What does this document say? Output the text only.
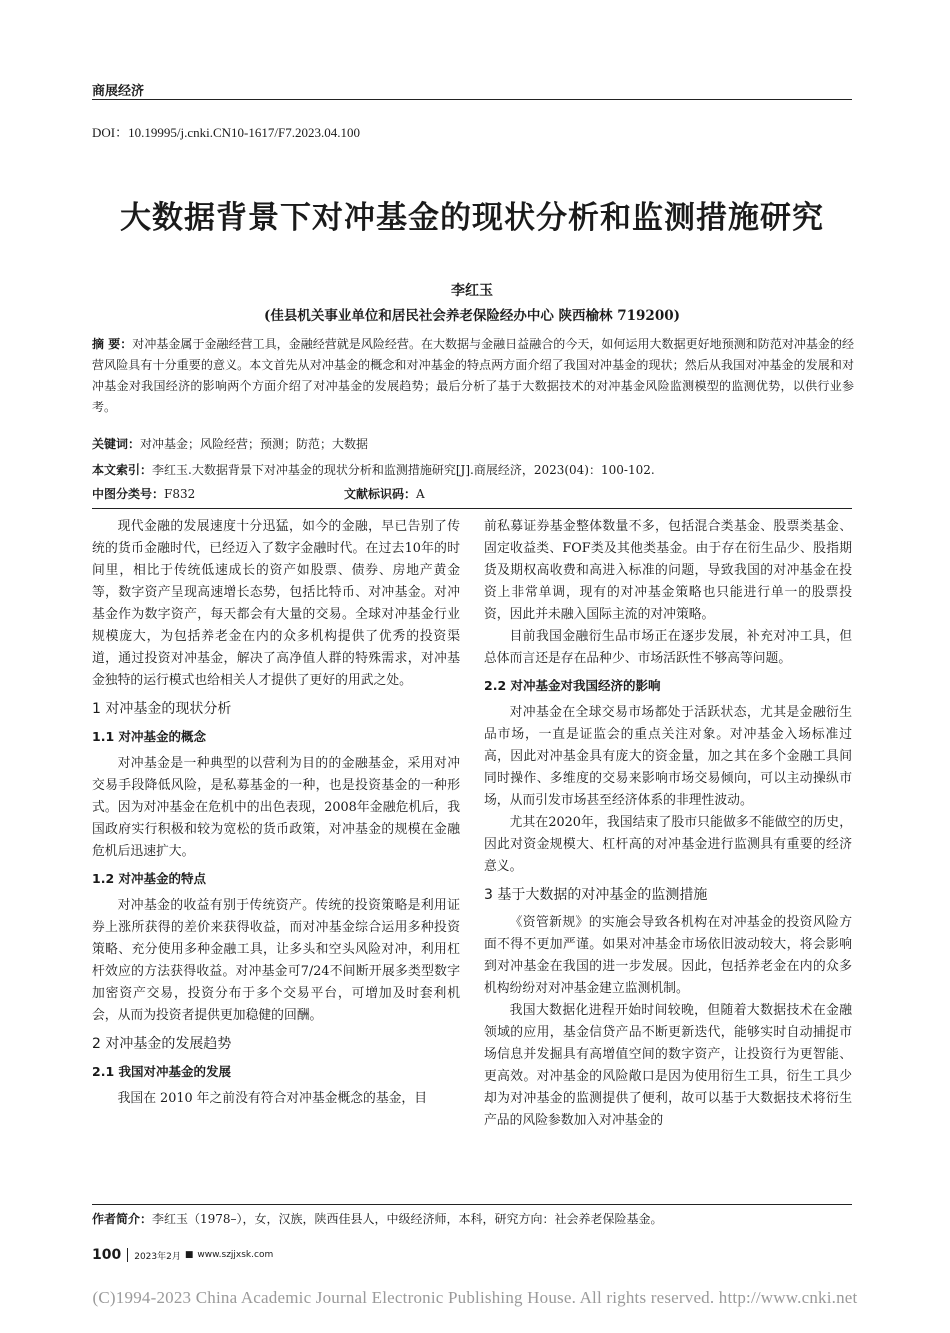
商展经济
DOI：10.19995/j.cnki.CN10-1617/F7.2023.04.100
大数据背景下对冲基金的现状分析和监测措施研究
李红玉
(佳县机关事业单位和居民社会养老保险经办中心 陕西榆林 719200)
摘 要：对冲基金属于金融经营工具，金融经营就是风险经营。在大数据与金融日益融合的今天，如何运用大数据更好地预测和防范对冲基金的经营风险具有十分重要的意义。本文首先从对冲基金的概念和对冲基金的特点两方面介绍了我国对冲基金的现状；然后从我国对冲基金的发展和对冲基金对我国经济的影响两个方面介绍了对冲基金的发展趋势；最后分析了基于大数据技术的对冲基金风险监测模型的监测优势，以供行业参考。
关键词：对冲基金；风险经营；预测；防范；大数据
本文索引：李红玉.大数据背景下对冲基金的现状分析和监测措施研究[J].商展经济，2023(04)：100-102.
中图分类号：F832	文献标识码：A

现代金融的发展速度十分迅猛，如今的金融，早已告别了传统的货币金融时代，已经迈入了数字金融时代。在过去10年的时间里，相比于传统低速成长的资产如股票、债券、房地产黄金等，数字资产呈现高速增长态势，包括比特币、对冲基金。对冲基金作为数字资产，每天都会有大量的交易。全球对冲基金行业规模庞大，为包括养老金在内的众多机构提供了优秀的投资渠道，通过投资对冲基金，解决了高净值人群的特殊需求，对冲基金独特的运行模式也给相关人才提供了更好的用武之处。

1 对冲基金的现状分析
1.1 对冲基金的概念

对冲基金是一种典型的以营利为目的的金融基金，采用对冲交易手段降低风险，是私募基金的一种，也是投资基金的一种形式。因为对冲基金在危机中的出色表现，2008年金融危机后，我国政府实行积极和较为宽松的货币政策，对冲基金的规模在金融危机后迅速扩大。

1.2 对冲基金的特点

对冲基金的收益有别于传统资产。传统的投资策略是利用证券上涨所获得的差价来获得收益，而对冲基金综合运用多种投资策略、充分使用多种金融工具，让多头和空头风险对冲，利用杠杆效应的方法获得收益。对冲基金可7/24不间断开展多类型数字加密资产交易，投资分布于多个交易平台，可增加及时套利机会，从而为投资者提供更加稳健的回酬。

2 对冲基金的发展趋势
2.1 我国对冲基金的发展

我国在 2010 年之前没有符合对冲基金概念的基金，目

前私募证券基金整体数量不多，包括混合类基金、股票类基金、固定收益类、FOF类及其他类基金。由于存在衍生品少、股指期货及期权高收费和高进入标准的问题，导致我国的对冲基金在投资上非常单调，现有的对冲基金策略也只能进行单一的股票投资，因此并未融入国际主流的对冲策略。

目前我国金融衍生品市场正在逐步发展，补充对冲工具，但总体而言还是存在品种少、市场活跃性不够高等问题。

2.2 对冲基金对我国经济的影响

对冲基金在全球交易市场都处于活跃状态，尤其是金融衍生品市场，一直是证监会的重点关注对象。对冲基金入场标准过高，因此对冲基金具有庞大的资金量，加之其在多个金融工具间同时操作、多维度的交易来影响市场交易倾向，可以主动操纵市场，从而引发市场甚至经济体系的非理性波动。

尤其在2020年，我国结束了股市只能做多不能做空的历史，因此对资金规模大、杠杆高的对冲基金进行监测具有重要的经济意义。

3 基于大数据的对冲基金的监测措施

《资管新规》的实施会导致各机构在对冲基金的投资风险方面不得不更加严谨。如果对冲基金市场依旧波动较大，将会影响到对冲基金在我国的进一步发展。因此，包括养老金在内的众多机构纷纷对对冲基金建立监测机制。

我国大数据化进程开始时间较晚，但随着大数据技术在金融领域的应用，基金信贷产品不断更新迭代，能够实时自动捕捉市场信息并发掘具有高增值空间的数字资产，让投资行为更智能、更高效。对冲基金的风险敞口是因为使用衍生工具，衍生工具少却为对冲基金的监测提供了便利，故可以基于大数据技术将衍生产品的风险参数加入对冲基金的

作者简介：李红玉（1978–），女，汉族，陕西佳县人，中级经济师，本科，研究方向：社会养老保险基金。
100 2023年2月 ■ www.szjjxsk.com
(C)1994-2023 China Academic Journal Electronic Publishing House. All rights reserved. http://www.cnki.net
